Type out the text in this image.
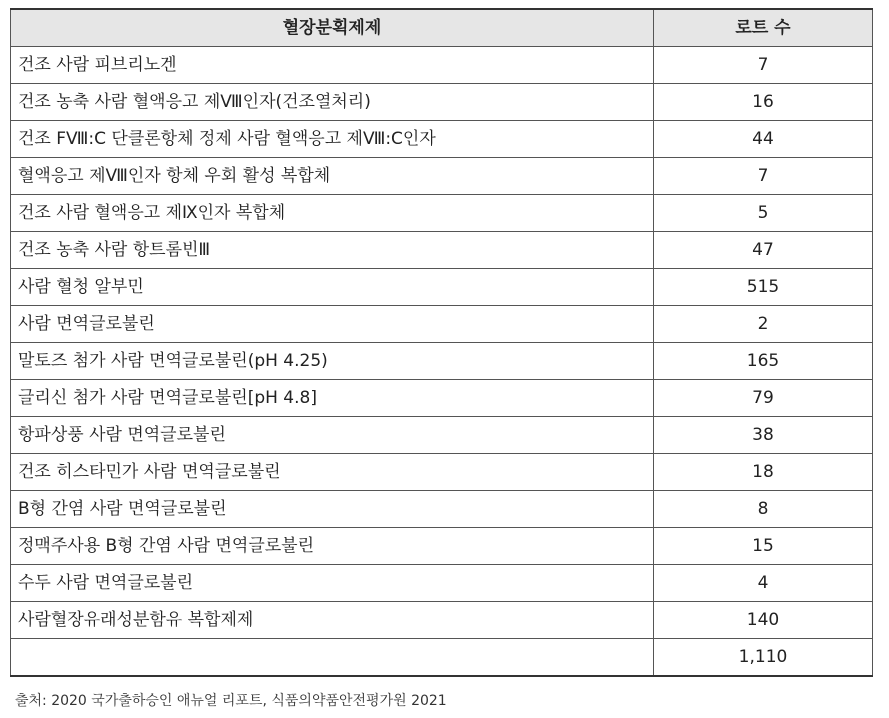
혈장분획제제	로트 수
건조 사람 피브리노겐	7
건조 농축 사람 혈액응고 제Ⅷ인자(건조열처리)	16
건조 FⅧ:C 단클론항체 정제 사람 혈액응고 제Ⅷ:C인자	44
혈액응고 제Ⅷ인자 항체 우회 활성 복합체	7
건조 사람 혈액응고 제Ⅸ인자 복합체	5
건조 농축 사람 항트롬빈Ⅲ	47
사람 혈청 알부민	515
사람 면역글로불린	2
말토즈 첨가 사람 면역글로불린(pH 4.25)	165
글리신 첨가 사람 면역글로불린[pH 4.8]	79
항파상풍 사람 면역글로불린	38
건조 히스타민가 사람 면역글로불린	18
B형 간염 사람 면역글로불린	8
정맥주사용 B형 간염 사람 면역글로불린	15
수두 사람 면역글로불린	4
사람혈장유래성분함유 복합제제	140
	1,110
출처: 2020 국가출하승인 애뉴얼 리포트, 식품의약품안전평가원 2021
